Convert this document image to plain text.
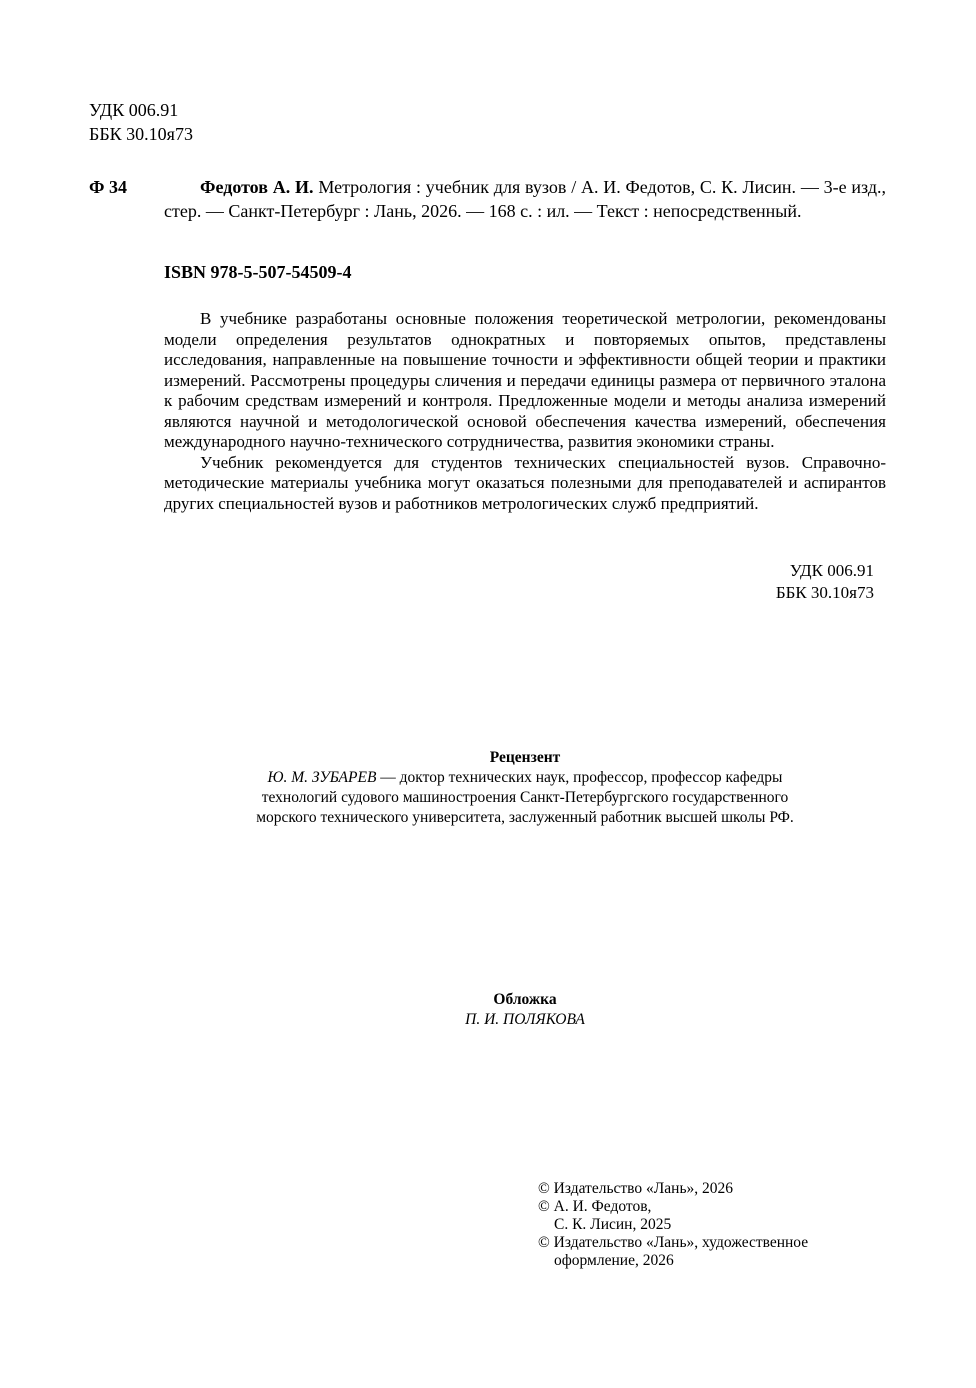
УДК 006.91
ББК 30.10я73
Ф 34	Федотов А. И. Метрология : учебник для вузов / А. И. Федотов, С. К. Лисин. — 3-е изд., стер. — Санкт-Петербург : Лань, 2026. — 168 с. : ил. — Текст : непосредственный.
ISBN 978-5-507-54509-4

В учебнике разработаны основные положения теоретической метрологии, рекомендованы модели определения результатов однократных и повторяемых опытов, представлены исследования, направленные на повышение точности и эффективности общей теории и практики измерений. Рассмотрены процедуры сличения и передачи единицы размера от первичного эталона к рабочим средствам измерений и контроля. Предложенные модели и методы анализа измерений являются научной и методологической основой обеспечения качества измерений, обеспечения международного научно-технического сотрудничества, развития экономики страны.

Учебник рекомендуется для студентов технических специальностей вузов. Справочно-методические материалы учебника могут оказаться полезными для преподавателей и аспирантов других специальностей вузов и работников метрологических служб предприятий.

УДК 006.91
ББК 30.10я73
Рецензент
Ю. М. ЗУБАРЕВ — доктор технических наук, профессор, профессор кафедры
технологий судового машиностроения Санкт-Петербургского государственного
морского технического университета, заслуженный работник высшей школы РФ.
Обложка
П. И. ПОЛЯКОВА
© Издательство «Лань», 2026
© А. И. Федотов,
С. К. Лисин, 2025
© Издательство «Лань», художественное
оформление, 2026
